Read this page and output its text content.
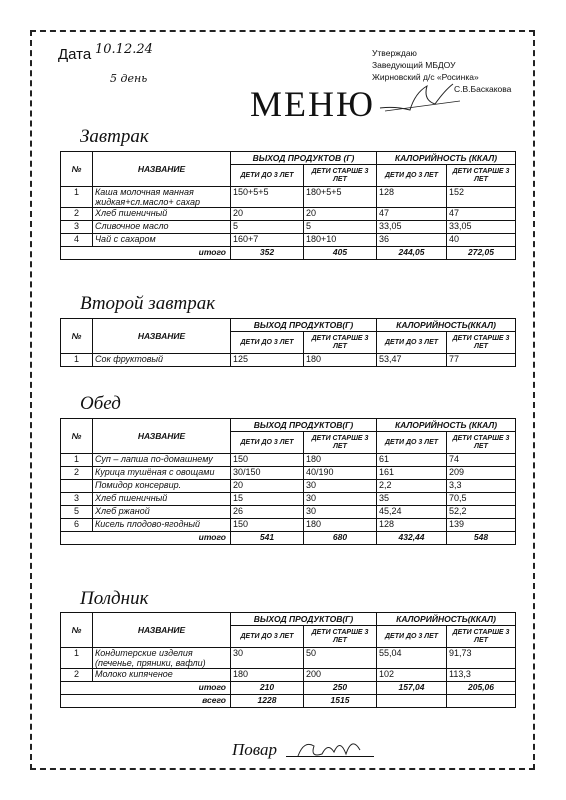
Дата 10.12.24
5 день
Утверждаю
Заведующий МБДОУ
Жирновский д/с «Росинка»
С.В.Баскакова
МЕНЮ
Завтрак
№	НАЗВАНИЕ	ВЫХОД ПРОДУКТОВ (Г)		КАЛОРИЙНОСТЬ (ККАЛ)	
		ДЕТИ ДО 3 ЛЕТ	ДЕТИ СТАРШЕ 3 ЛЕТ	ДЕТИ ДО 3 ЛЕТ	ДЕТИ СТАРШЕ 3 ЛЕТ
1	Каша молочная манная жидкая+сл.масло+ сахар	150+5+5	180+5+5	128	152
2	Хлеб пшеничный	20	20	47	47
3	Сливочное масло	5	5	33,05	33,05
4	Чай с сахаром	160+7	180+10	36	40
итого		352	405	244,05	272,05
Второй завтрак
№	НАЗВАНИЕ	ВЫХОД ПРОДУКТОВ(Г)		КАЛОРИЙНОСТЬ(ККАЛ)	
		ДЕТИ ДО 3 ЛЕТ	ДЕТИ СТАРШЕ 3 ЛЕТ	ДЕТИ ДО 3 ЛЕТ	ДЕТИ СТАРШЕ 3 ЛЕТ
1	Сок фруктовый	125	180	53,47	77
Обед
№	НАЗВАНИЕ	ВЫХОД ПРОДУКТОВ(Г)		КАЛОРИЙНОСТЬ (ККАЛ)	
		ДЕТИ ДО 3 ЛЕТ	ДЕТИ СТАРШЕ 3 ЛЕТ	ДЕТИ ДО 3 ЛЕТ	ДЕТИ СТАРШЕ 3 ЛЕТ
1	Суп – лапша по-домашнему	150	180	61	74
2	Курица тушёная с овощами	30/150	40/190	161	209
	Помидор консервир.	20	30	2,2	3,3
3	Хлеб пшеничный	15	30	35	70,5
5	Хлеб ржаной	26	30	45,24	52,2
6	Кисель плодово-ягодный	150	180	128	139
итого		541	680	432,44	548
Полдник
№	НАЗВАНИЕ	ВЫХОД ПРОДУКТОВ(Г)		КАЛОРИЙНОСТЬ(ККАЛ)	
		ДЕТИ ДО 3 ЛЕТ	ДЕТИ СТАРШЕ 3 ЛЕТ	ДЕТИ ДО 3 ЛЕТ	ДЕТИ СТАРШЕ 3 ЛЕТ
1	Кондитерские изделия (печенье, пряники, вафли)	30	50	55,04	91,73
2	Молоко кипяченое	180	200	102	113,3
итого		210	250	157,04	205,06
всего		1228	1515		
Повар
